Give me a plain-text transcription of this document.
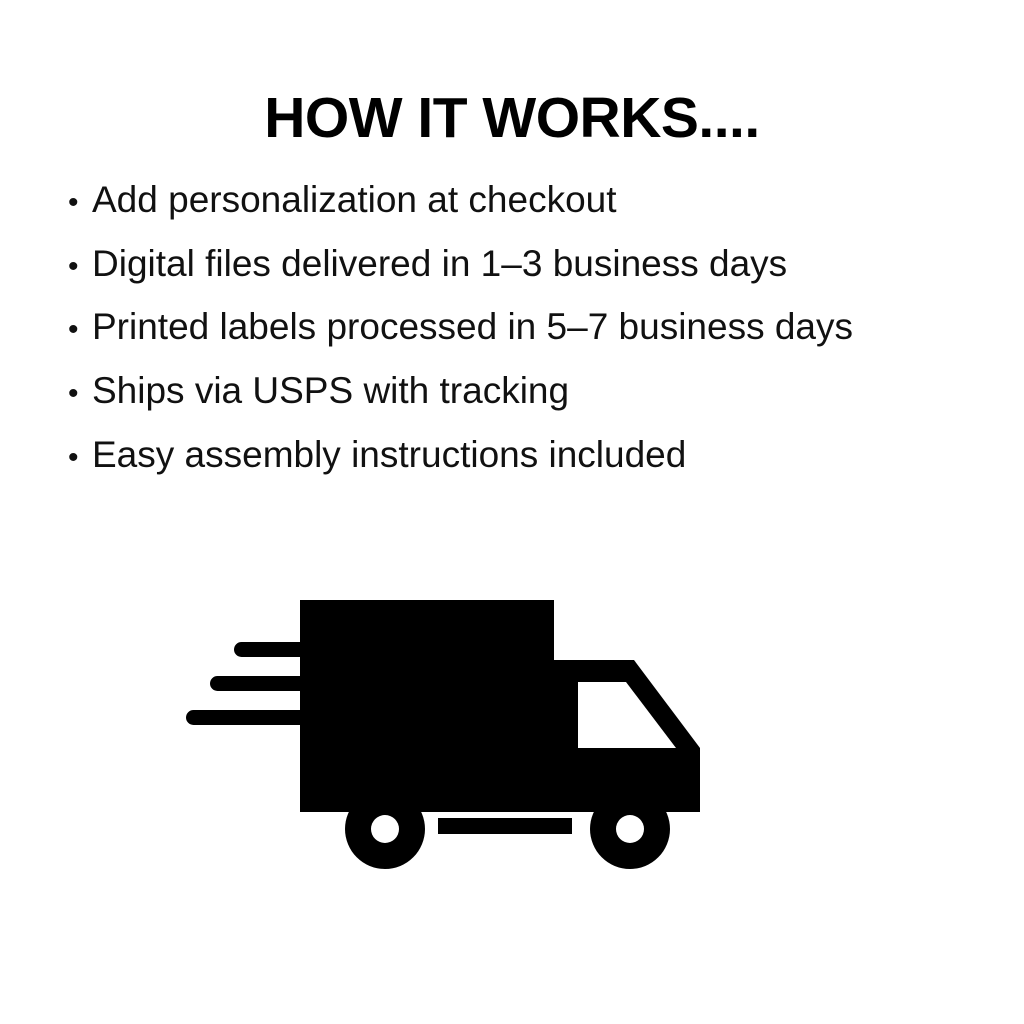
HOW IT WORKS....
• Add personalization at checkout
• Digital files delivered in 1–3 business days
• Printed labels processed in 5–7 business days
• Ships via USPS with tracking
• Easy assembly instructions included
